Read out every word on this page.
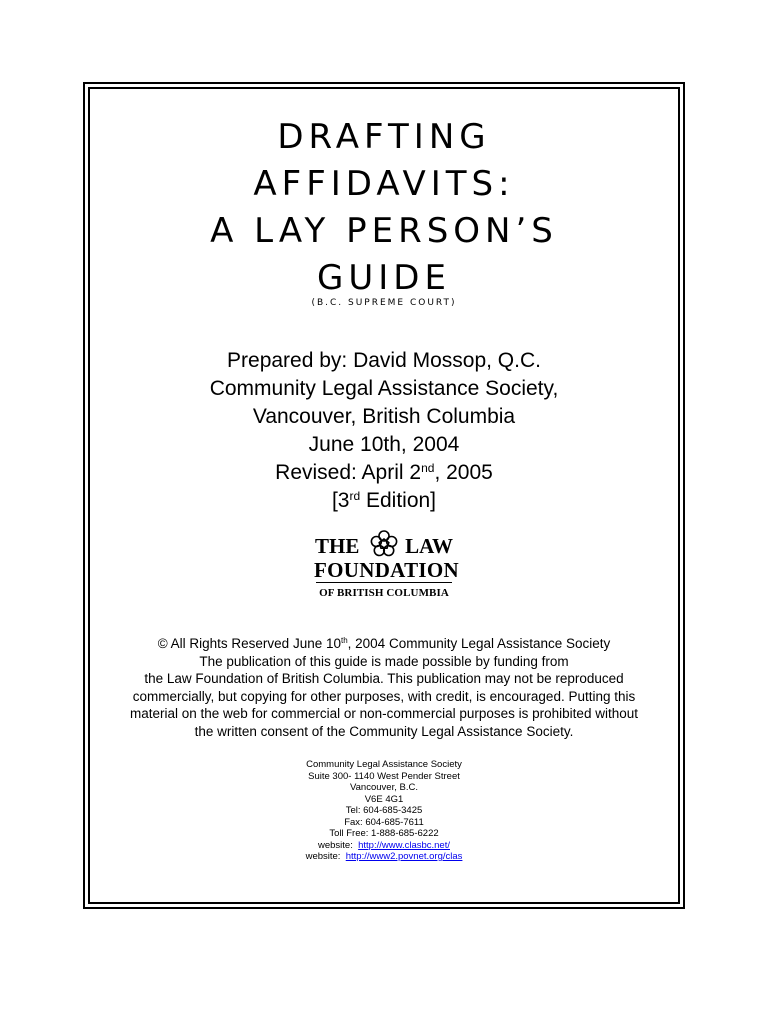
DRAFTING
AFFIDAVITS:
A LAY PERSON’S
GUIDE
(B.C. SUPREME COURT)
Prepared by: David Mossop, Q.C.
Community Legal Assistance Society,
Vancouver, British Columbia
June 10th, 2004
Revised: April 2nd, 2005
[3rd Edition]
THE LAW
FOUNDATION
OF BRITISH COLUMBIA
© All Rights Reserved June 10th, 2004 Community Legal Assistance Society
The publication of this guide is made possible by funding from
the Law Foundation of British Columbia. This publication may not be reproduced
commercially, but copying for other purposes, with credit, is encouraged. Putting this
material on the web for commercial or non-commercial purposes is prohibited without
the written consent of the Community Legal Assistance Society.
Community Legal Assistance Society
Suite 300- 1140 West Pender Street
Vancouver, B.C.
V6E 4G1
Tel: 604-685-3425
Fax: 604-685-7611
Toll Free: 1-888-685-6222
website:  http://www.clasbc.net/
website:  http://www2.povnet.org/clas
